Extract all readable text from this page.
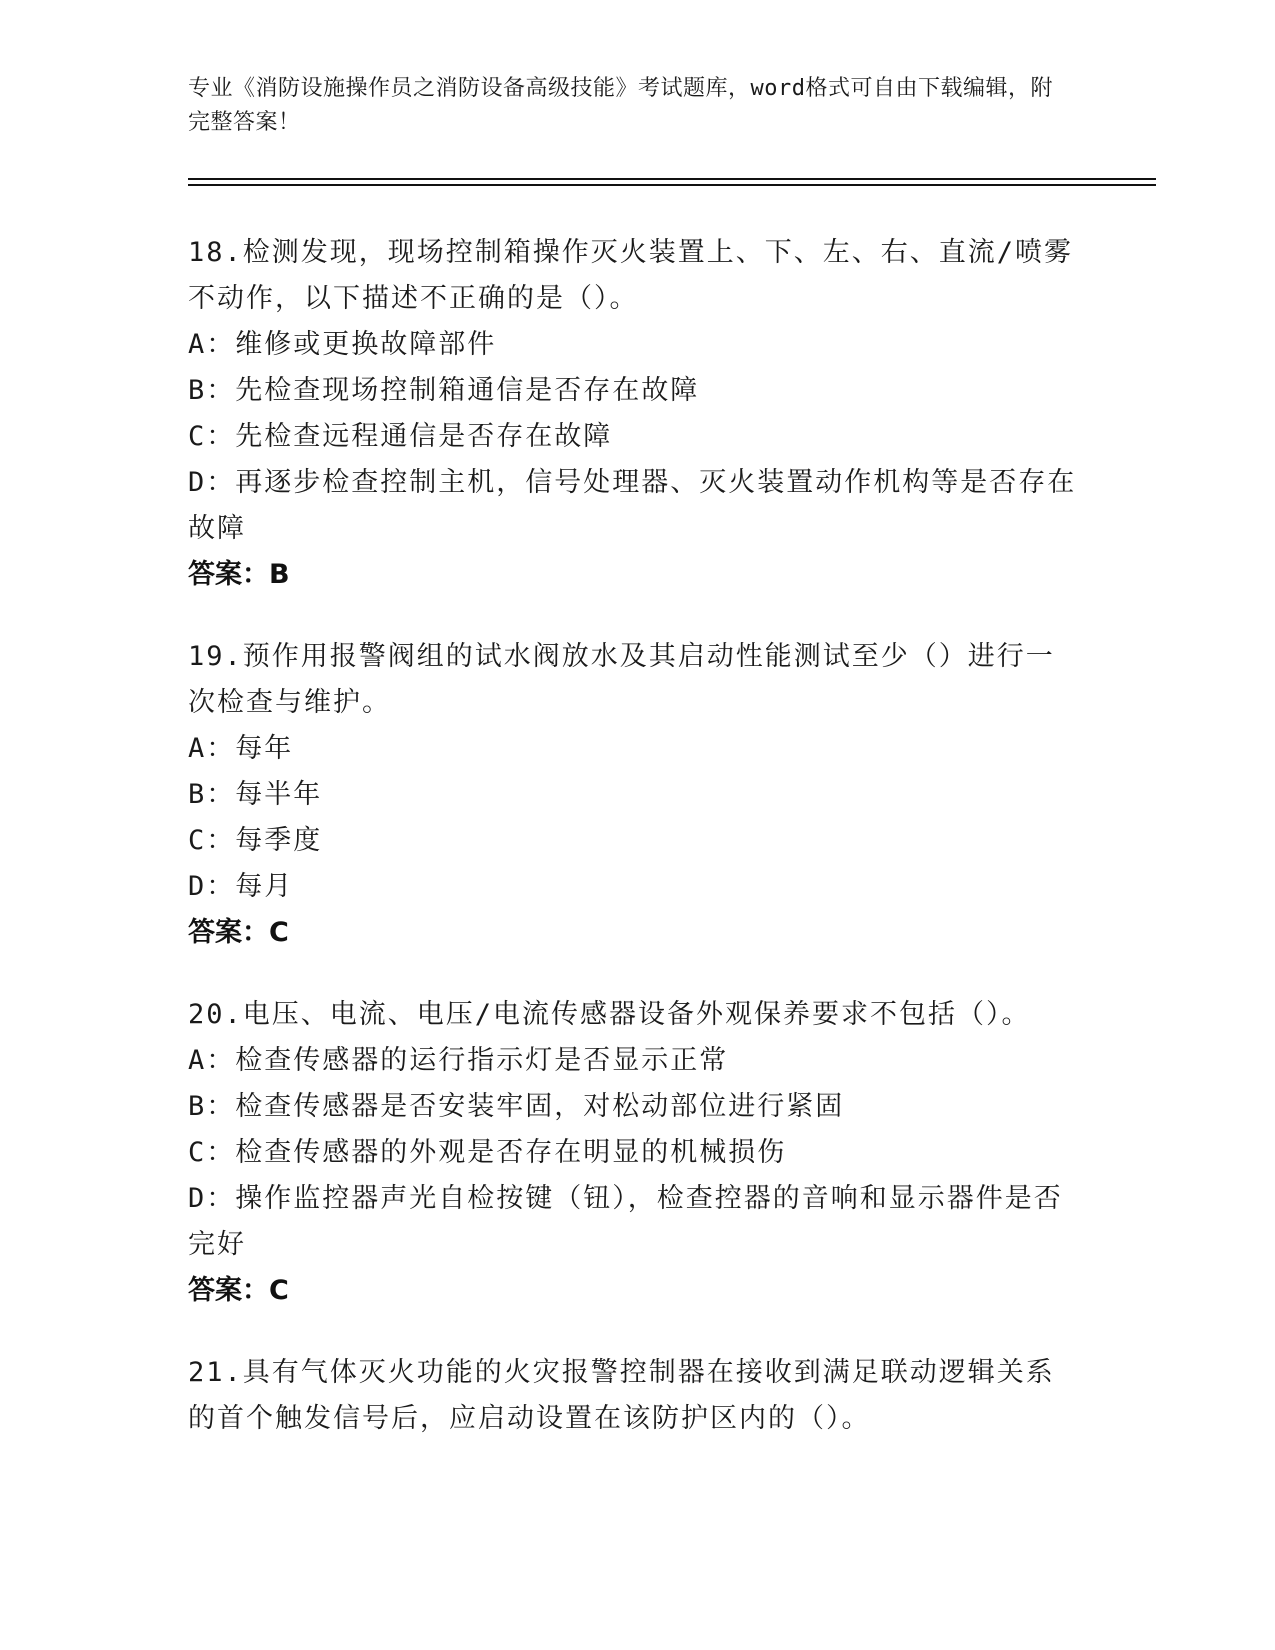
专业《消防设施操作员之消防设备高级技能》考试题库，word格式可自由下载编辑，附完整答案！

18.检测发现，现场控制箱操作灭火装置上、下、左、右、直流/喷雾不动作，以下描述不正确的是（）。

A：维修或更换故障部件

B：先检查现场控制箱通信是否存在故障

C：先检查远程通信是否存在故障

D：再逐步检查控制主机，信号处理器、灭火装置动作机构等是否存在故障

答案：B

19.预作用报警阀组的试水阀放水及其启动性能测试至少（）进行一次检查与维护。

A：每年

B：每半年

C：每季度

D：每月

答案：C

20.电压、电流、电压/电流传感器设备外观保养要求不包括（）。

A：检查传感器的运行指示灯是否显示正常

B：检查传感器是否安装牢固，对松动部位进行紧固

C：检查传感器的外观是否存在明显的机械损伤

D：操作监控器声光自检按键（钮），检查控器的音响和显示器件是否完好

答案：C

21.具有气体灭火功能的火灾报警控制器在接收到满足联动逻辑关系的首个触发信号后，应启动设置在该防护区内的（）。
